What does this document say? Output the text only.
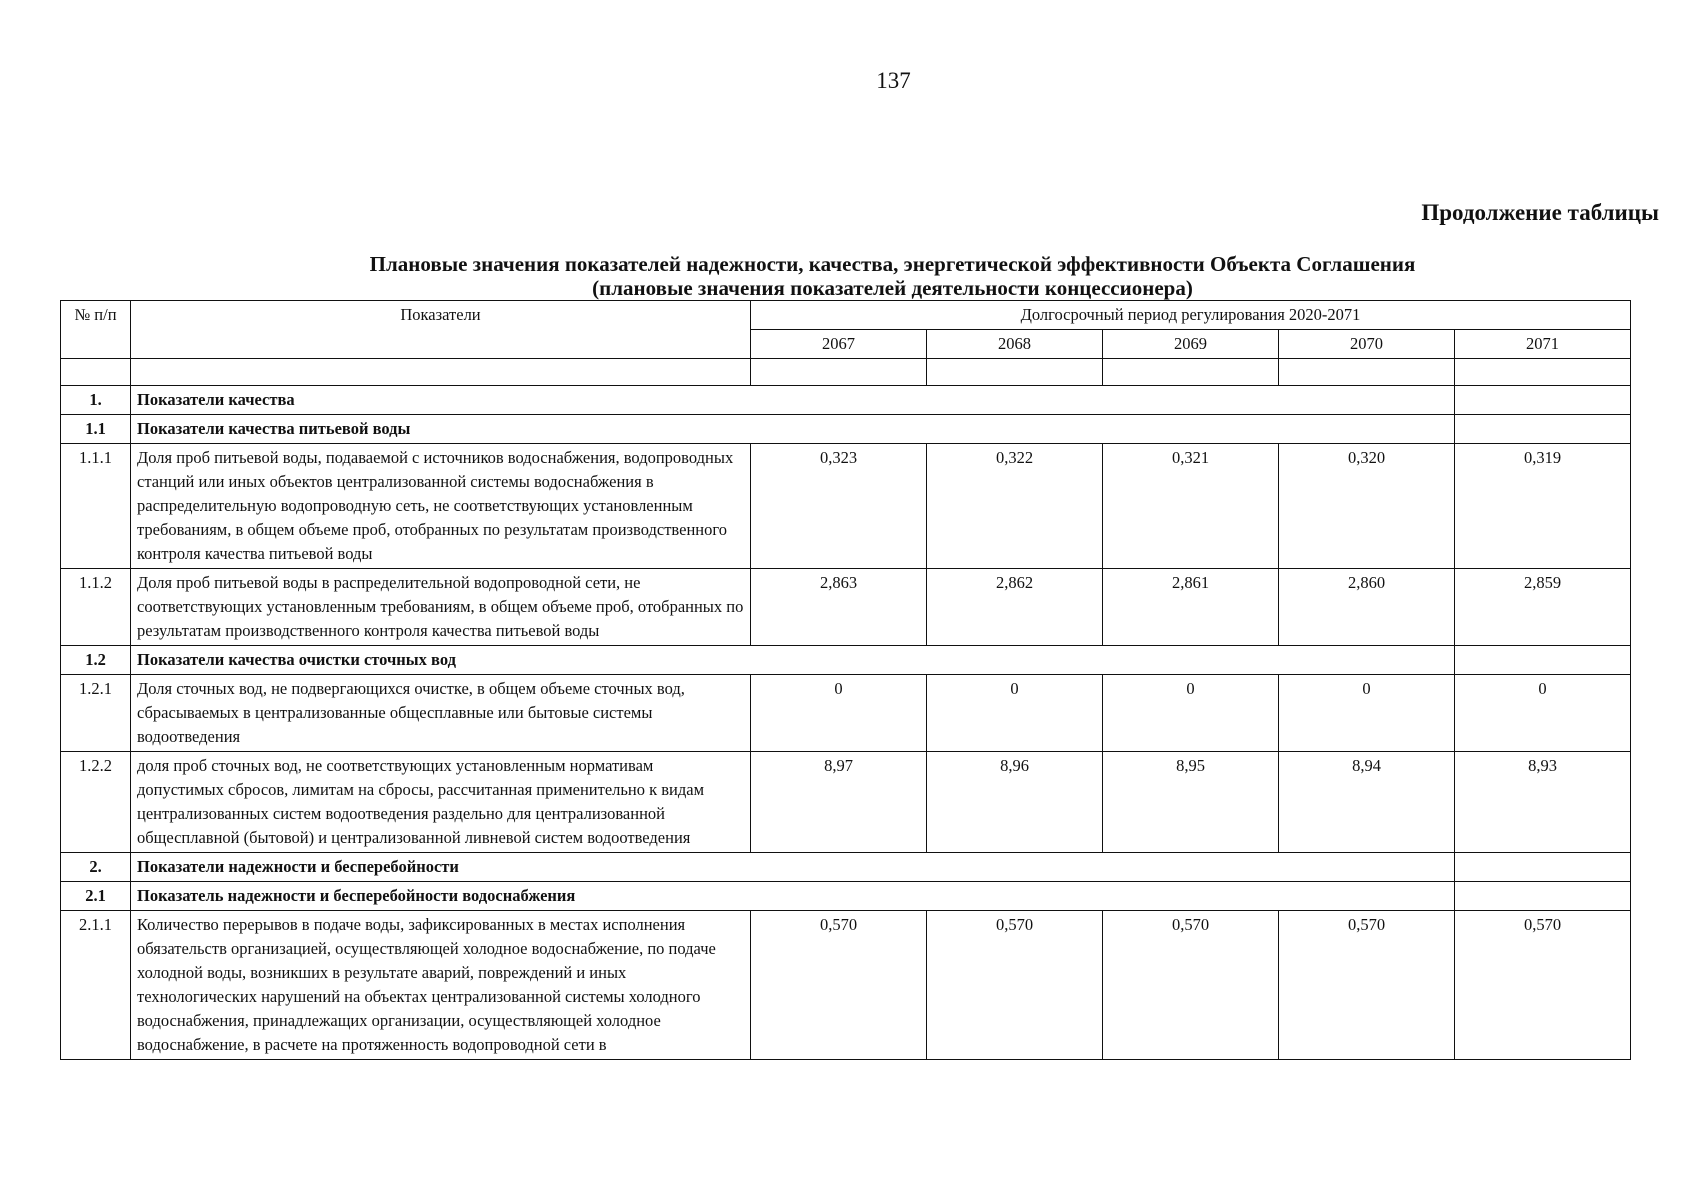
137
Продолжение таблицы
Плановые значения показателей надежности, качества, энергетической эффективности Объекта Соглашения
(плановые значения показателей деятельности концессионера)
№ п/п	Показатели	Долгосрочный период регулирования 2020-2071				
		2067	2068	2069	2070	2071

1.	Показатели качества					
1.1	Показатели качества питьевой воды					
1.1.1	Доля проб питьевой воды, подаваемой с источников водоснабжения, водопроводных станций или иных объектов централизованной системы водоснабжения в распределительную водопроводную сеть, не соответствующих установленным требованиям, в общем объеме проб, отобранных по результатам производственного контроля качества питьевой воды	0,323	0,322	0,321	0,320	0,319
1.1.2	Доля проб питьевой воды в распределительной водопроводной сети, не соответствующих установленным требованиям, в общем объеме проб, отобранных по результатам производственного контроля качества питьевой воды	2,863	2,862	2,861	2,860	2,859
1.2	Показатели качества очистки сточных вод					
1.2.1	Доля сточных вод, не подвергающихся очистке, в общем объеме сточных вод, сбрасываемых в централизованные общесплавные или бытовые системы водоотведения	0	0	0	0	0
1.2.2	доля проб сточных вод, не соответствующих установленным нормативам допустимых сбросов, лимитам на сбросы, рассчитанная применительно к видам централизованных систем водоотведения раздельно для централизованной общесплавной (бытовой) и централизованной ливневой систем водоотведения	8,97	8,96	8,95	8,94	8,93
2.	Показатели надежности и бесперебойности					
2.1	Показатель надежности и бесперебойности водоснабжения					
2.1.1	Количество перерывов в подаче воды, зафиксированных в местах исполнения обязательств организацией, осуществляющей холодное водоснабжение, по подаче холодной воды, возникших в результате аварий, повреждений и иных технологических нарушений на объектах централизованной системы холодного водоснабжения, принадлежащих организации, осуществляющей холодное водоснабжение, в расчете на протяженность водопроводной сети в	0,570	0,570	0,570	0,570	0,570
